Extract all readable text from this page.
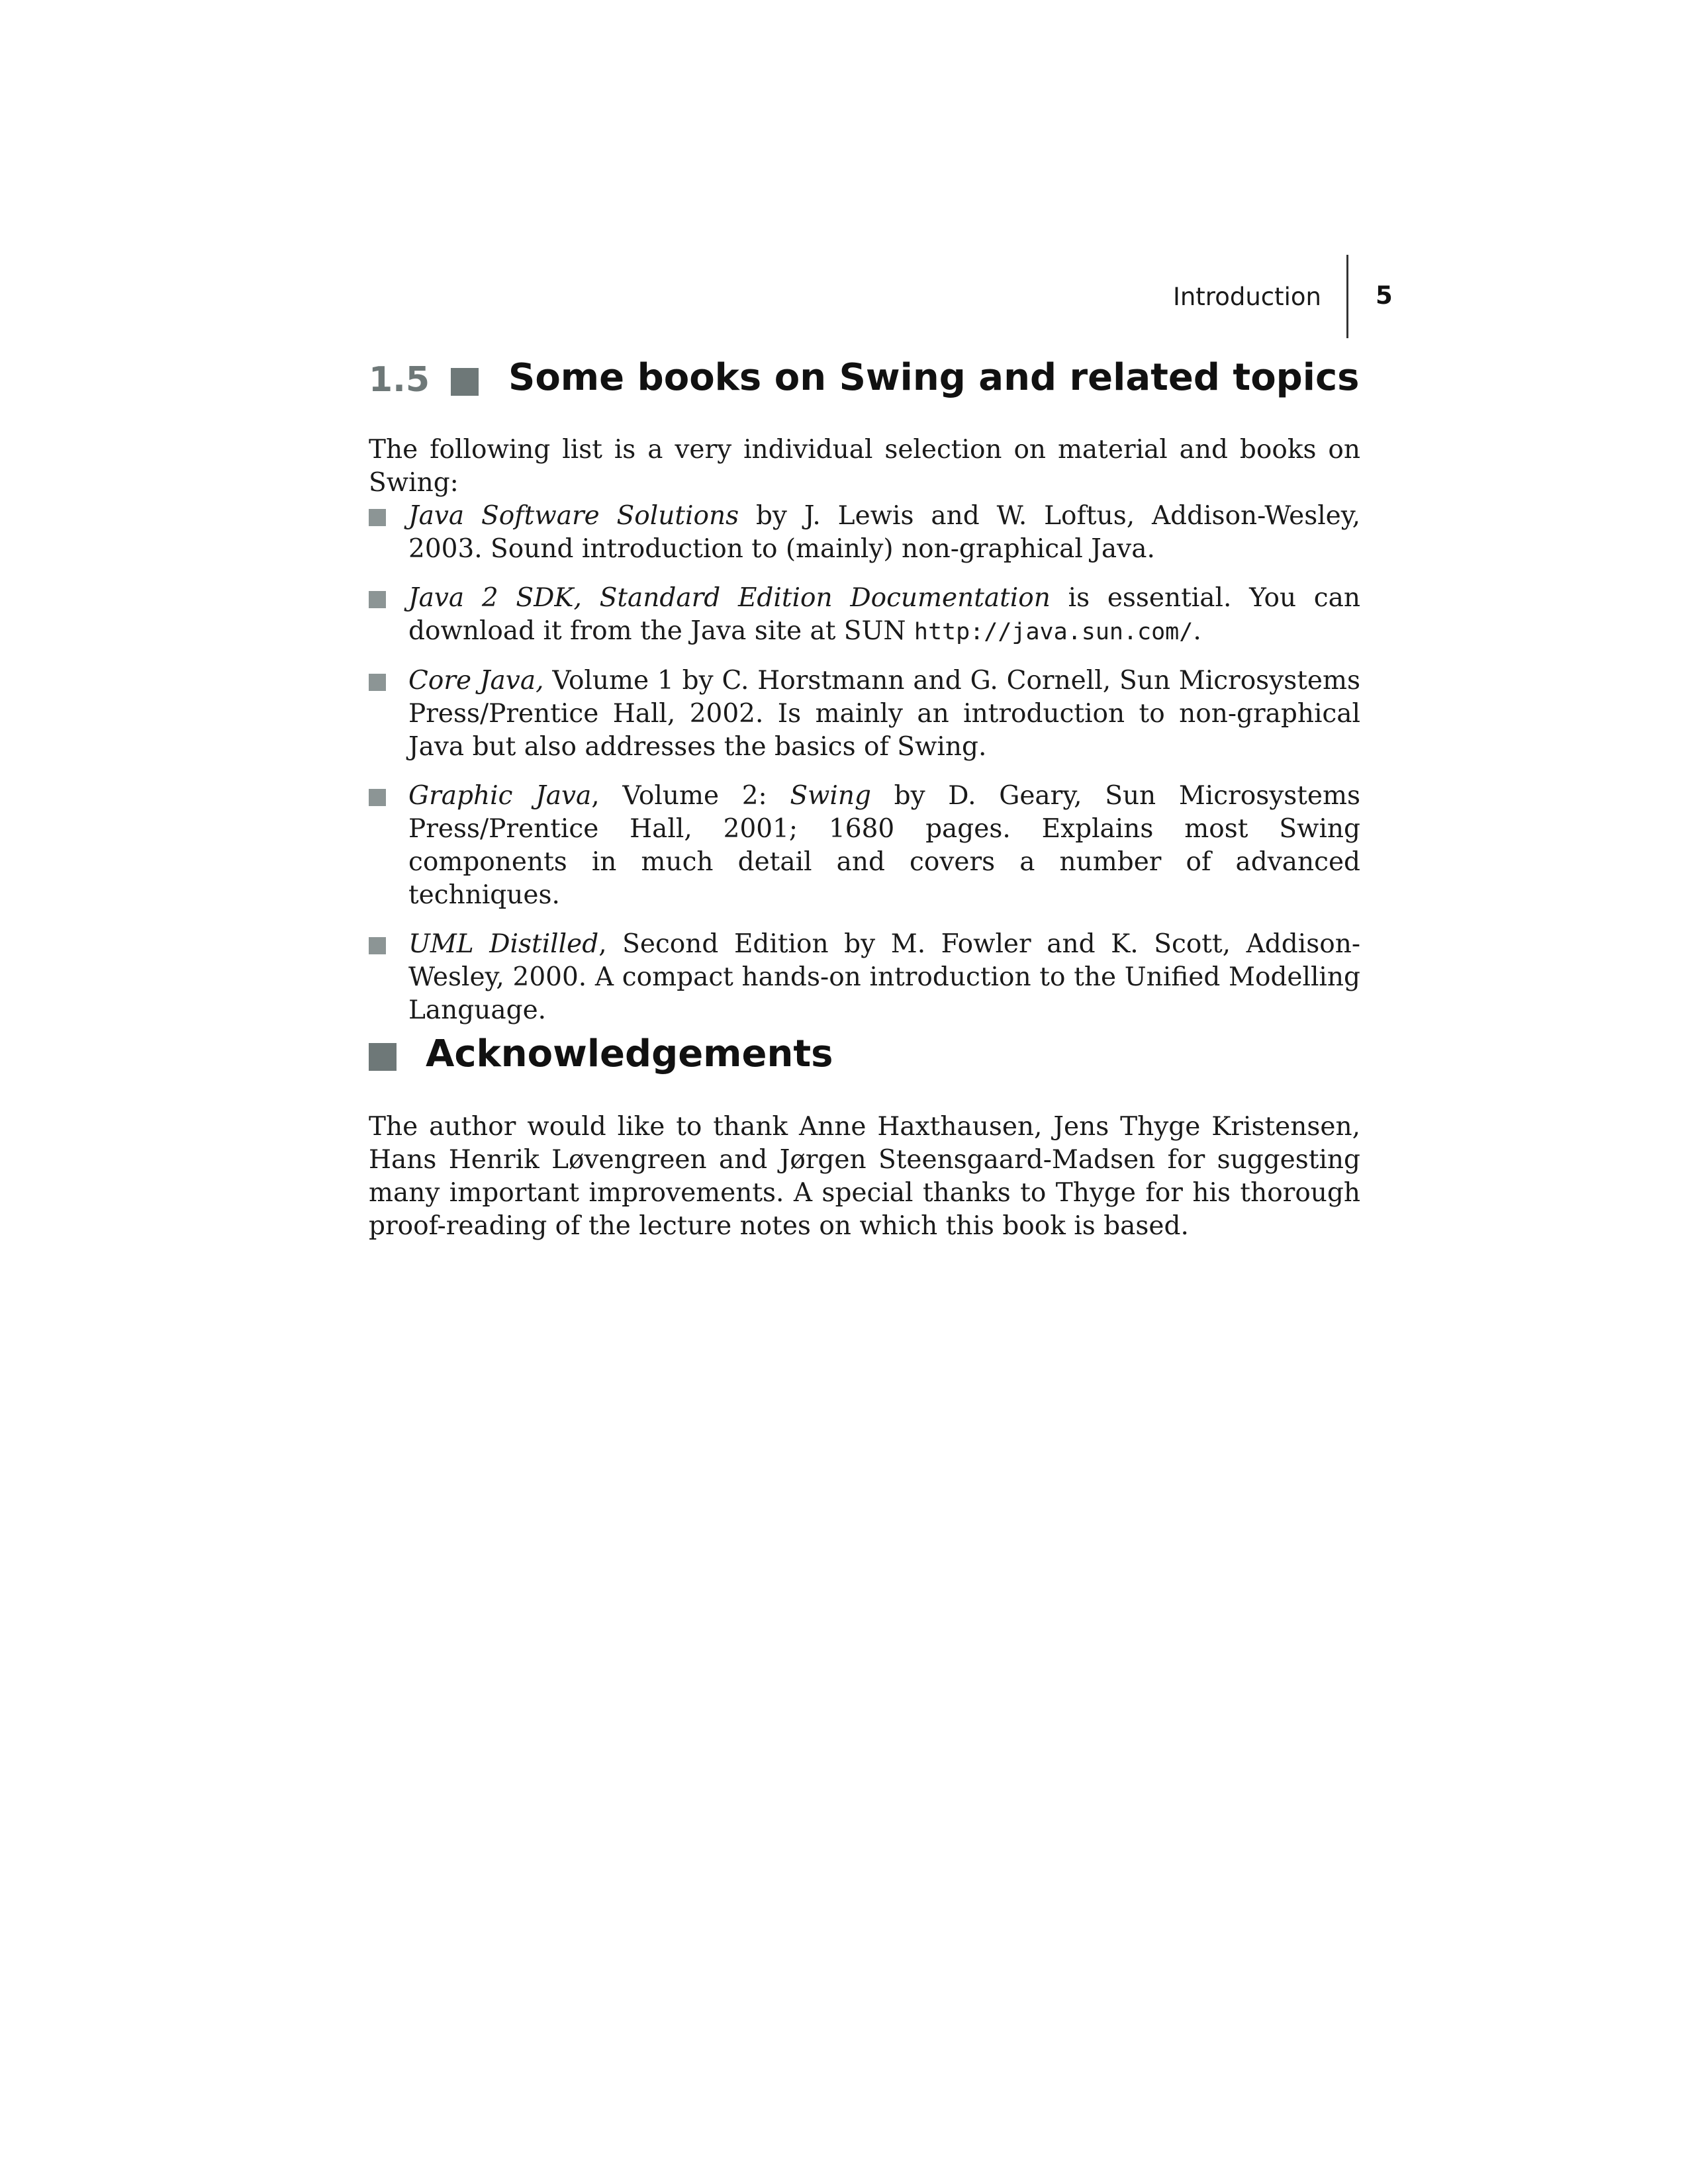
Introduction 5
1.5 Some books on Swing and related topics

The following list is a very individual selection on material and books on Swing:

Java Software Solutions by J. Lewis and W. Loftus, Addison-Wesley, 2003. Sound introduction to (mainly) non-graphical Java.
Java 2 SDK, Standard Edition Documentation is essential. You can download it from the Java site at SUN http://java.sun.com/.
Core Java, Volume 1 by C. Horstmann and G. Cornell, Sun Microsystems Press/Prentice Hall, 2002. Is mainly an introduction to non-graphical Java but also addresses the basics of Swing.
Graphic Java, Volume 2: Swing by D. Geary, Sun Microsystems Press/Prentice Hall, 2001; 1680 pages. Explains most Swing components in much detail and covers a number of advanced techniques.
UML Distilled, Second Edition by M. Fowler and K. Scott, Addison-Wesley, 2000. A compact hands-on introduction to the Unified Modelling Language.
Acknowledgements

The author would like to thank Anne Haxthausen, Jens Thyge Kristensen, Hans Henrik Løvengreen and Jørgen Steensgaard-Madsen for suggesting many important improvements. A special thanks to Thyge for his thorough proof-reading of the lecture notes on which this book is based.
